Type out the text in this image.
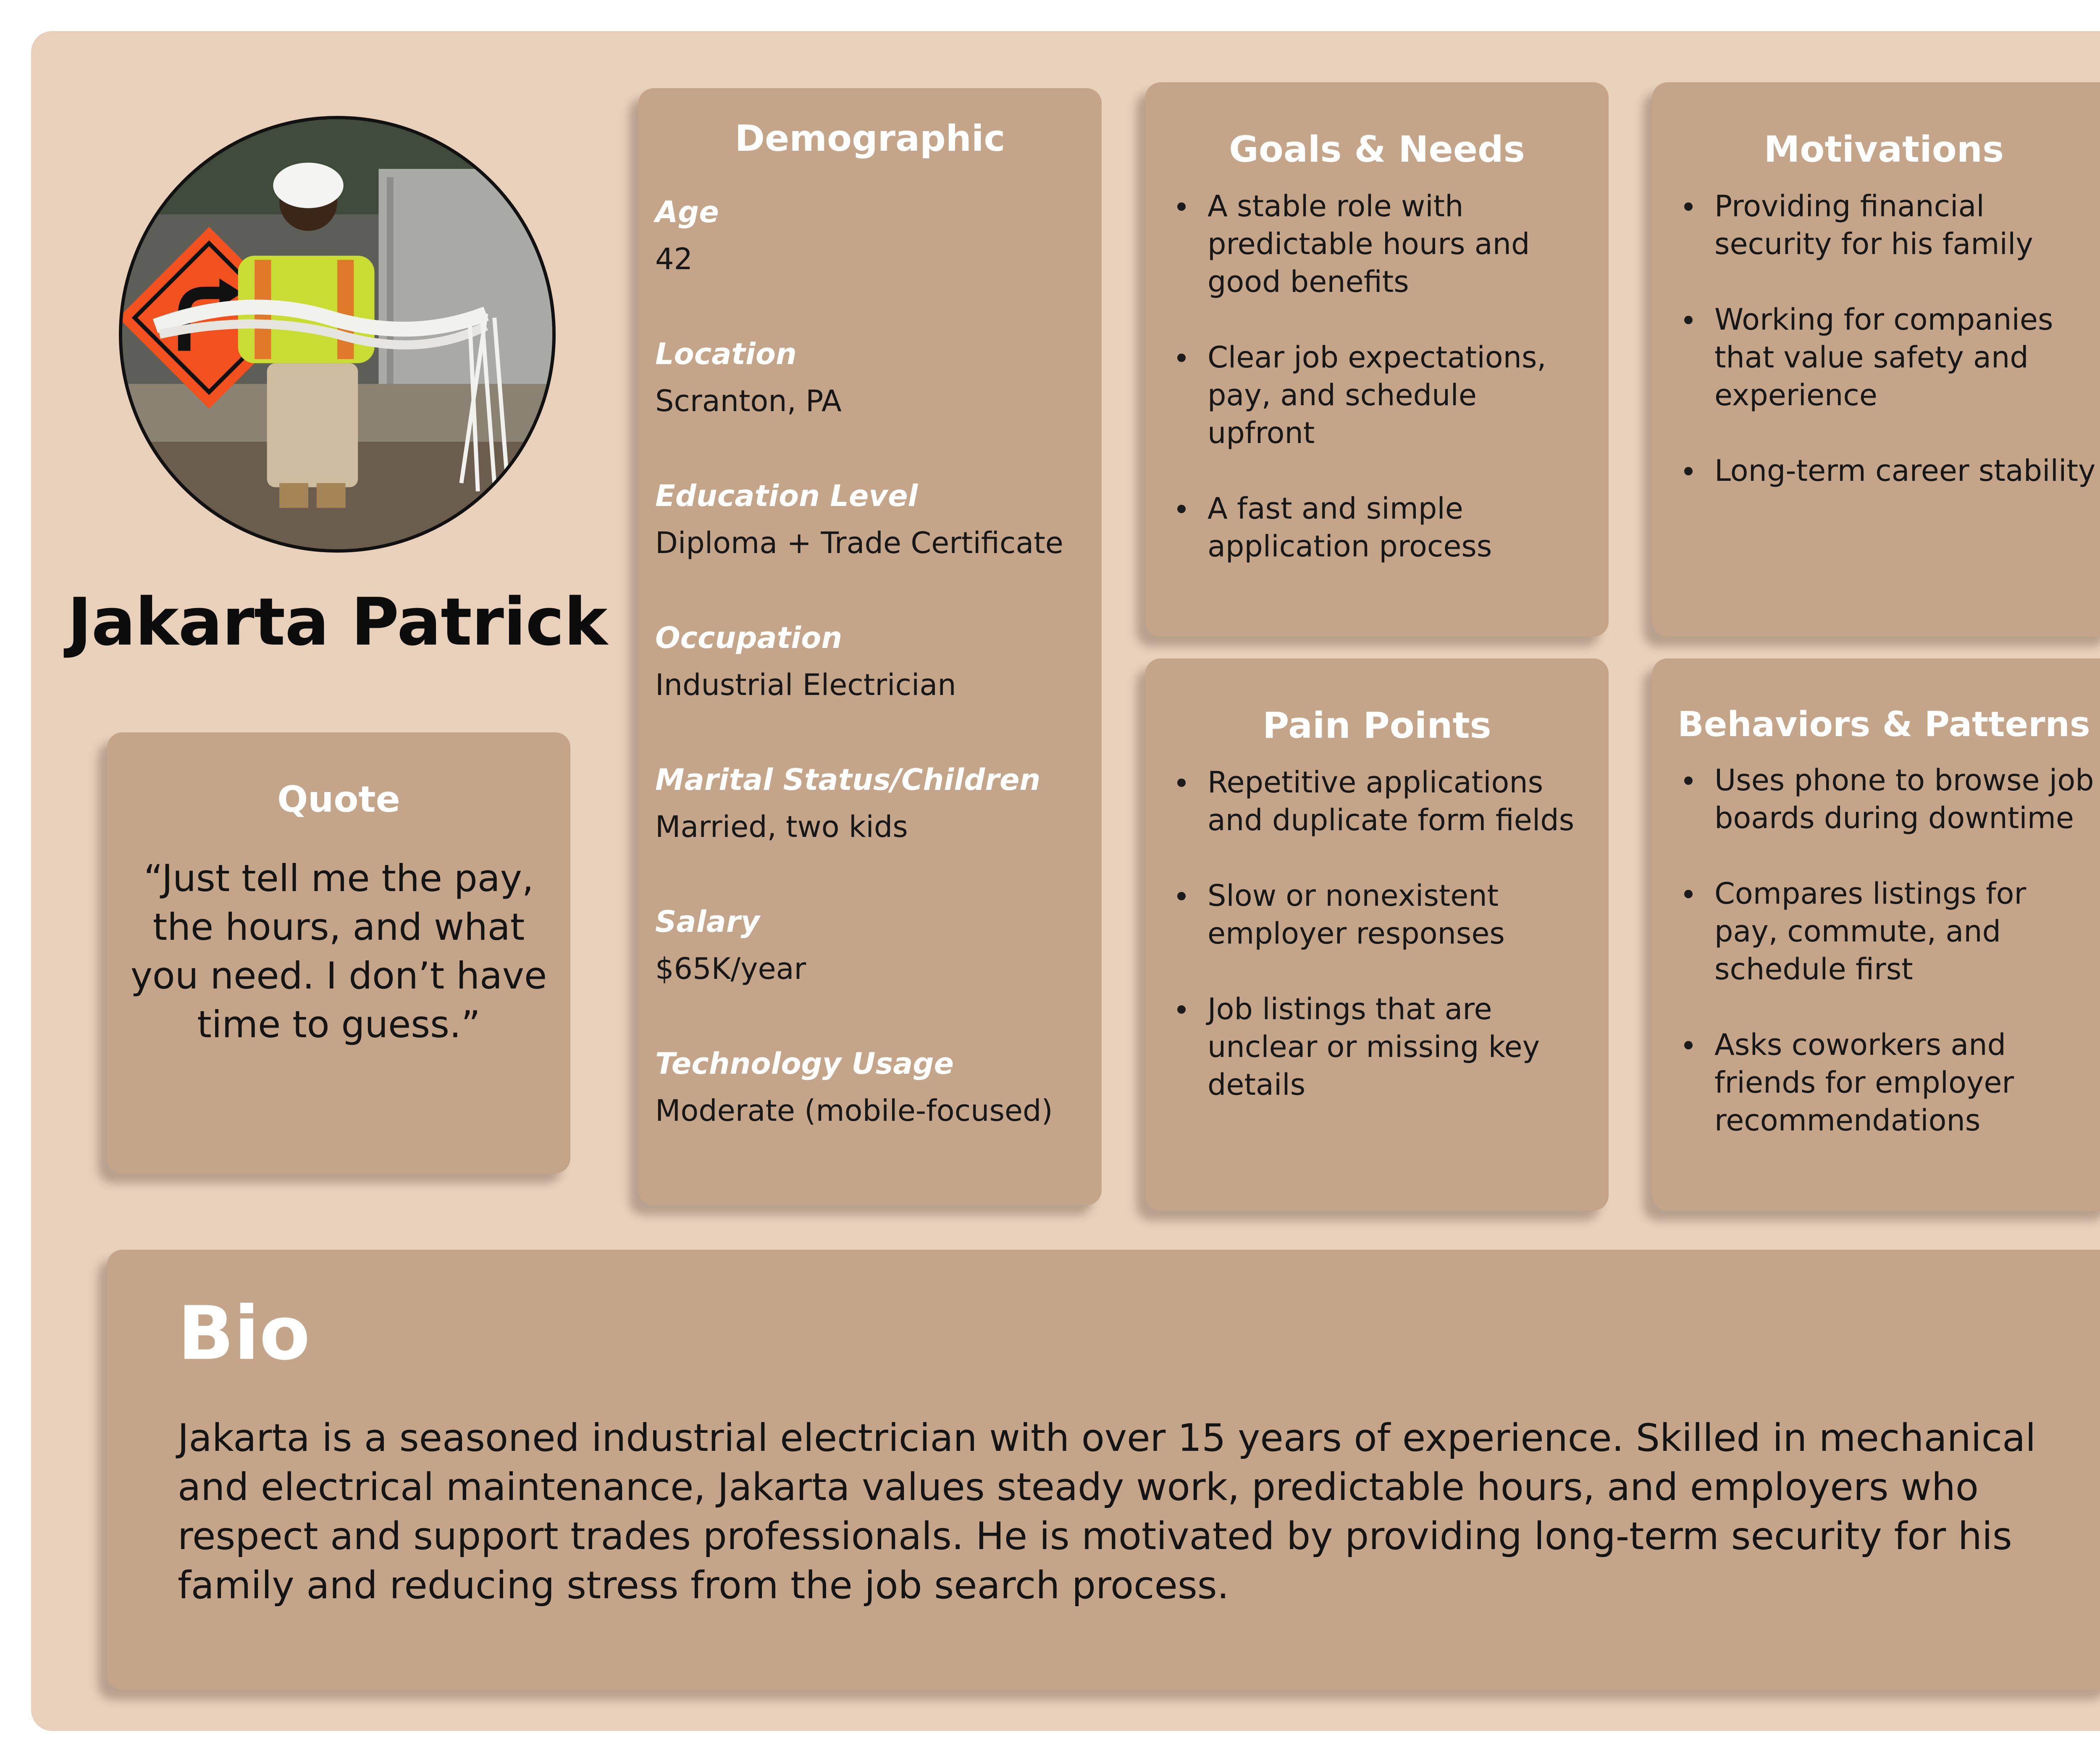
Jakarta Patrick
Quote
“Just tell me the pay, the hours, and what you need. I don’t have time to guess.”
Demographic
Age
42
Location
Scranton, PA
Education Level
Diploma + Trade Certificate
Occupation
Industrial Electrician
Marital Status/Children
Married, two kids
Salary
$65K/year
Technology Usage
Moderate (mobile-focused)
Goals & Needs
A stable role with predictable hours and good benefits
Clear job expectations, pay, and schedule upfront
A fast and simple application process
Motivations
Providing financial security for his family
Working for companies that value safety and experience
Long-term career stability
Pain Points
Repetitive applications and duplicate form fields
Slow or nonexistent employer responses
Job listings that are unclear or missing key details
Behaviors & Patterns
Uses phone to browse job boards during downtime
Compares listings for pay, commute, and schedule first
Asks coworkers and friends for employer recommendations
Bio
Jakarta is a seasoned industrial electrician with over 15 years of experience. Skilled in mechanical and electrical maintenance, Jakarta values steady work, predictable hours, and employers who respect and support trades professionals. He is motivated by providing long-term security for his family and reducing stress from the job search process.
